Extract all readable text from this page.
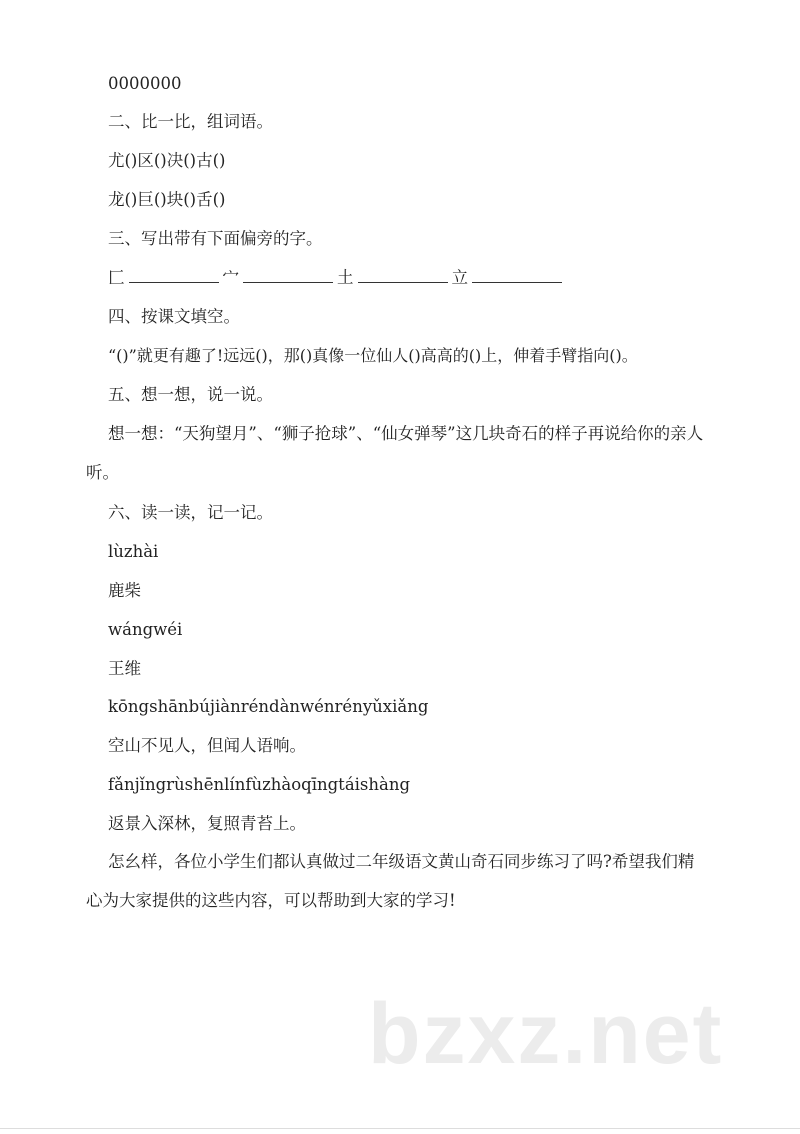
0000000
二、比一比，组词语。
尤()区()决()古()
龙()巨()块()舌()
三、写出带有下面偏旁的字。
匚	宀	土	立
四、按课文填空。
“()”就更有趣了!远远()，那()真像一位仙人()高高的()上，伸着手臂指向()。
五、想一想，说一说。
想一想：“天狗望月”、“狮子抢球”、“仙女弹琴”这几块奇石的样子再说给你的亲人听。
六、读一读，记一记。
lùzhài
鹿柴
wángwéi
王维
kōngshānbújiànréndànwénrényǔxiǎng
空山不见人，但闻人语响。
fǎnjǐngrùshēnlínfùzhàoqīngtáishàng
返景入深林，复照青苔上。
怎幺样，各位小学生们都认真做过二年级语文黄山奇石同步练习了吗?希望我们精心为大家提供的这些内容，可以帮助到大家的学习!
bzxz.net
